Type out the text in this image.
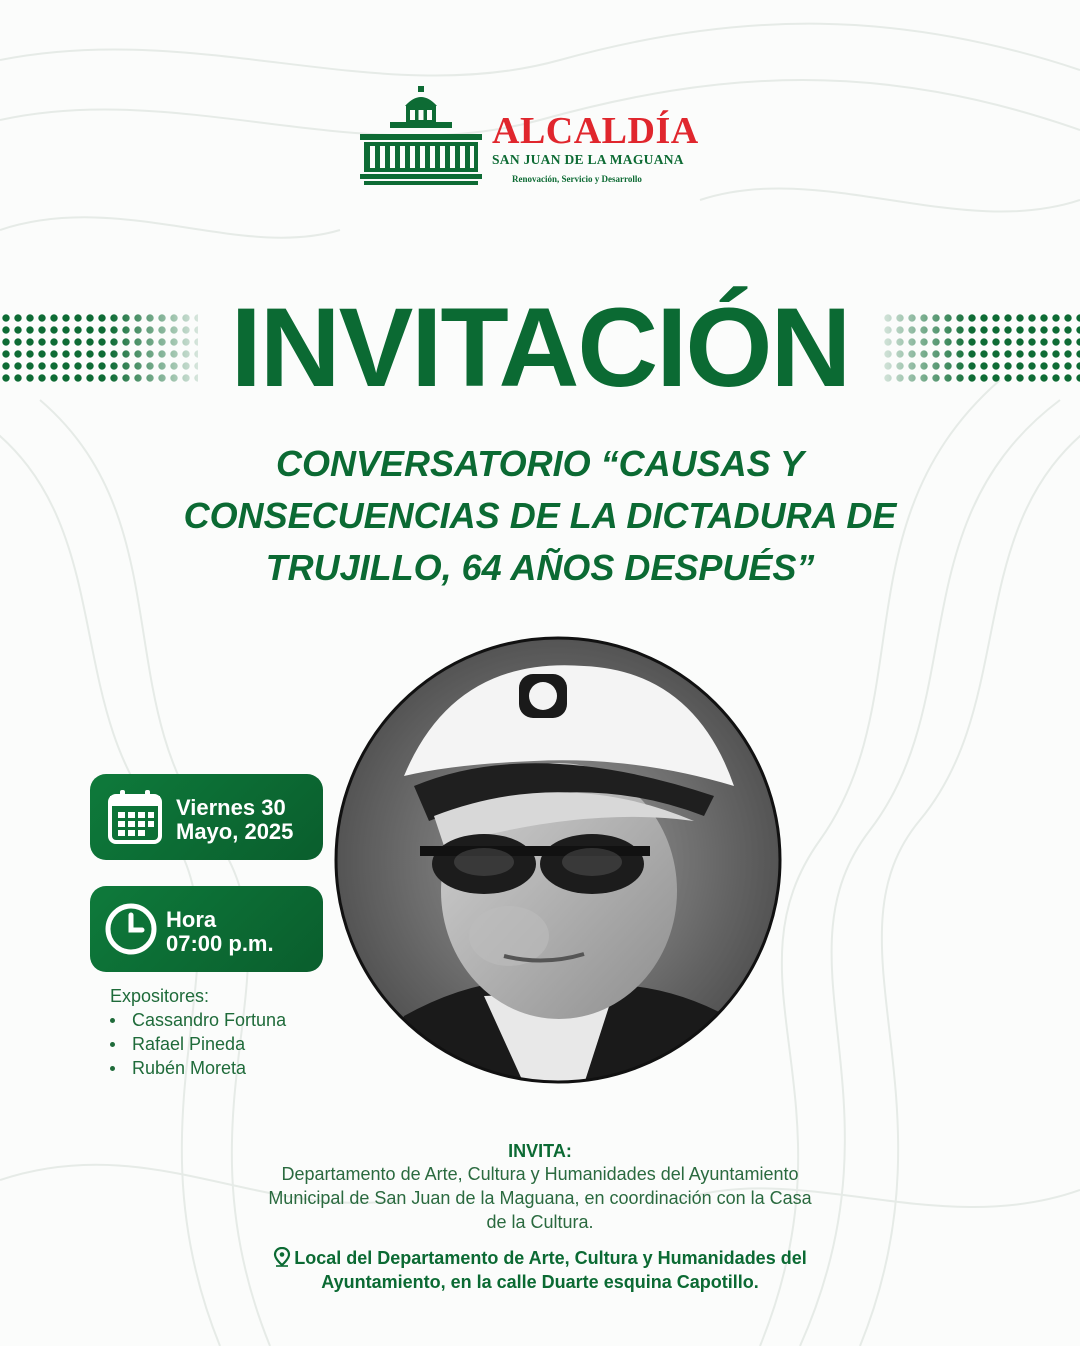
ALCALDÍA
SAN JUAN DE LA MAGUANA
Renovación, Servicio y Desarrollo
INVITACIÓN
CONVERSATORIO “CAUSAS Y
CONSECUENCIAS DE LA DICTADURA DE
TRUJILLO, 64 AÑOS DESPUÉS”
Viernes 30
Mayo, 2025
Hora
07:00 p.m.
Expositores:
Cassandro Fortuna
Rafael Pineda
Rubén Moreta
INVITA:
Departamento de Arte, Cultura y Humanidades del Ayuntamiento
Municipal de San Juan de la Maguana, en coordinación con la Casa
de la Cultura.
Local del Departamento de Arte, Cultura y Humanidades del
Ayuntamiento, en la calle Duarte esquina Capotillo.
